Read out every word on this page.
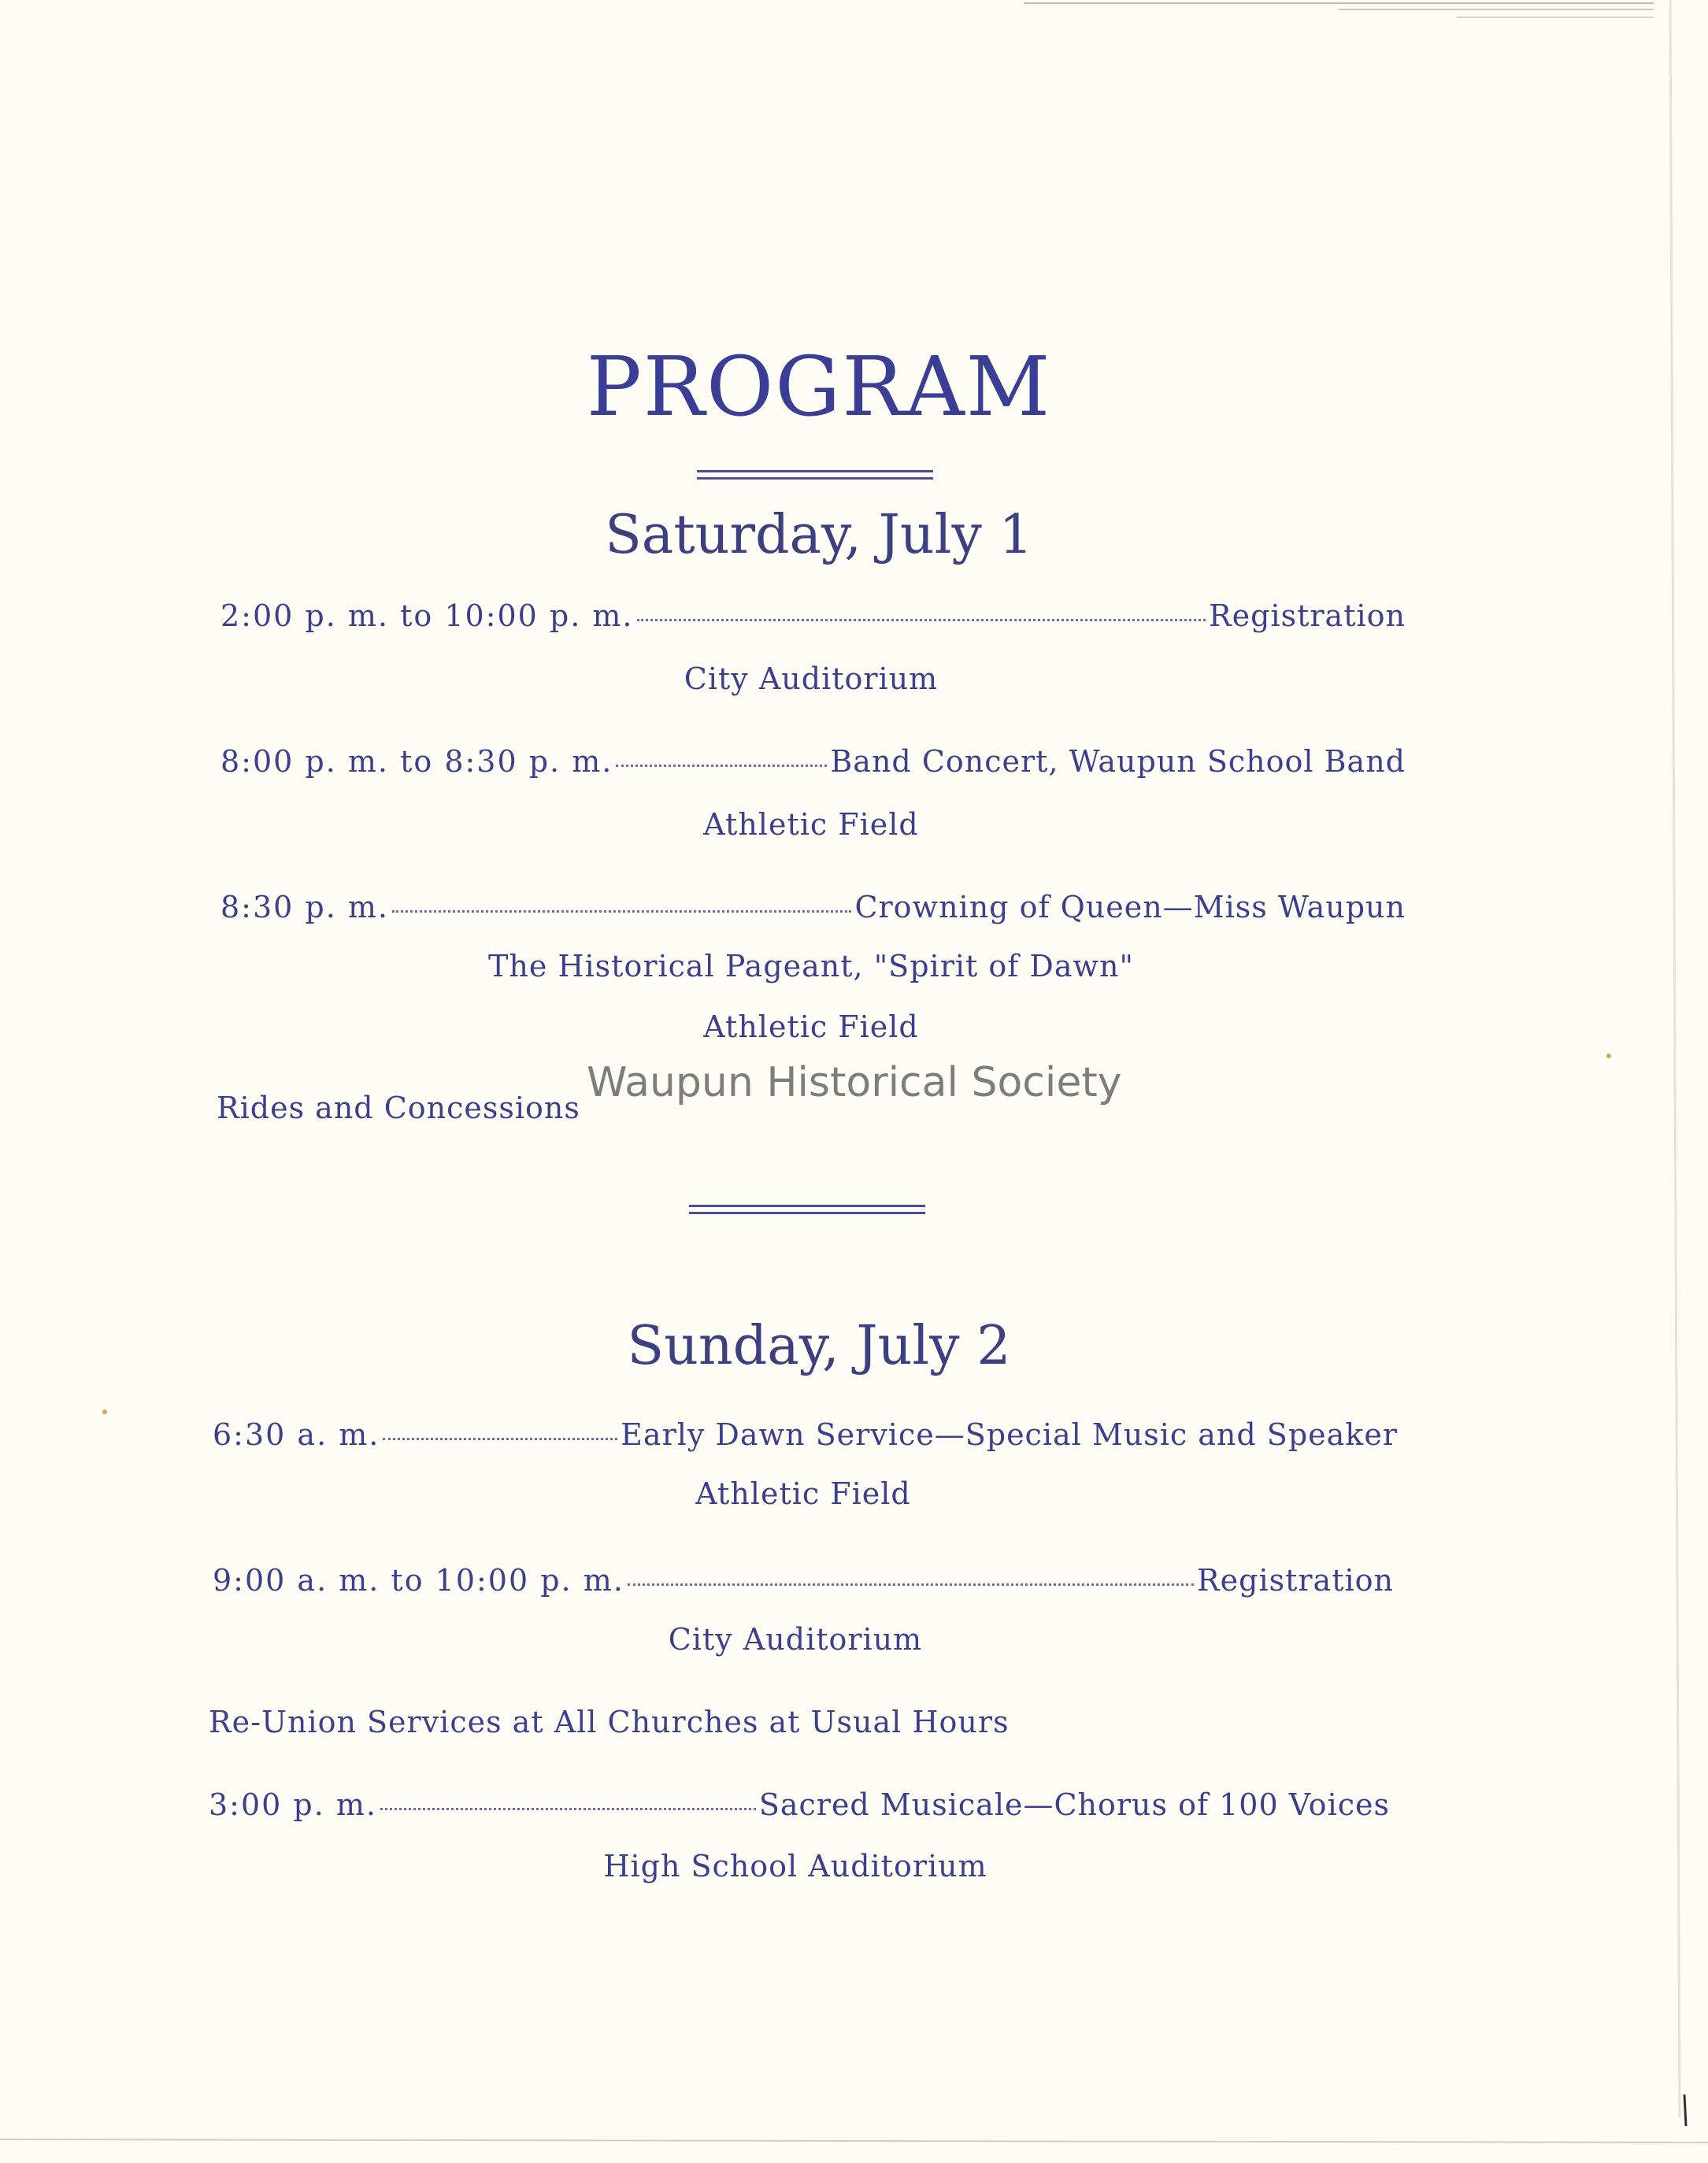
PROGRAM
Saturday, July 1
2:00 p. m. to 10:00 p. m.	Registration
City Auditorium
8:00 p. m. to 8:30 p. m.	Band Concert, Waupun School Band
Athletic Field
8:30 p. m.	Crowning of Queen—Miss Waupun
The Historical Pageant, "Spirit of Dawn"
Athletic Field
Rides and Concessions
Waupun Historical Society
Sunday, July 2
6:30 a. m.	Early Dawn Service—Special Music and Speaker
Athletic Field
9:00 a. m. to 10:00 p. m.	Registration
City Auditorium
Re-Union Services at All Churches at Usual Hours
3:00 p. m.	Sacred Musicale—Chorus of 100 Voices
High School Auditorium
